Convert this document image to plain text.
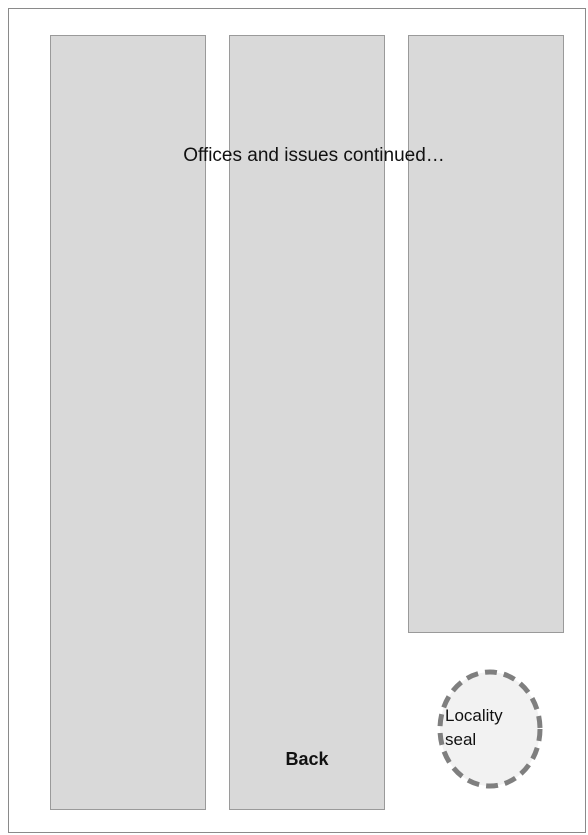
Offices and issues continued…
Back
Locality
seal
